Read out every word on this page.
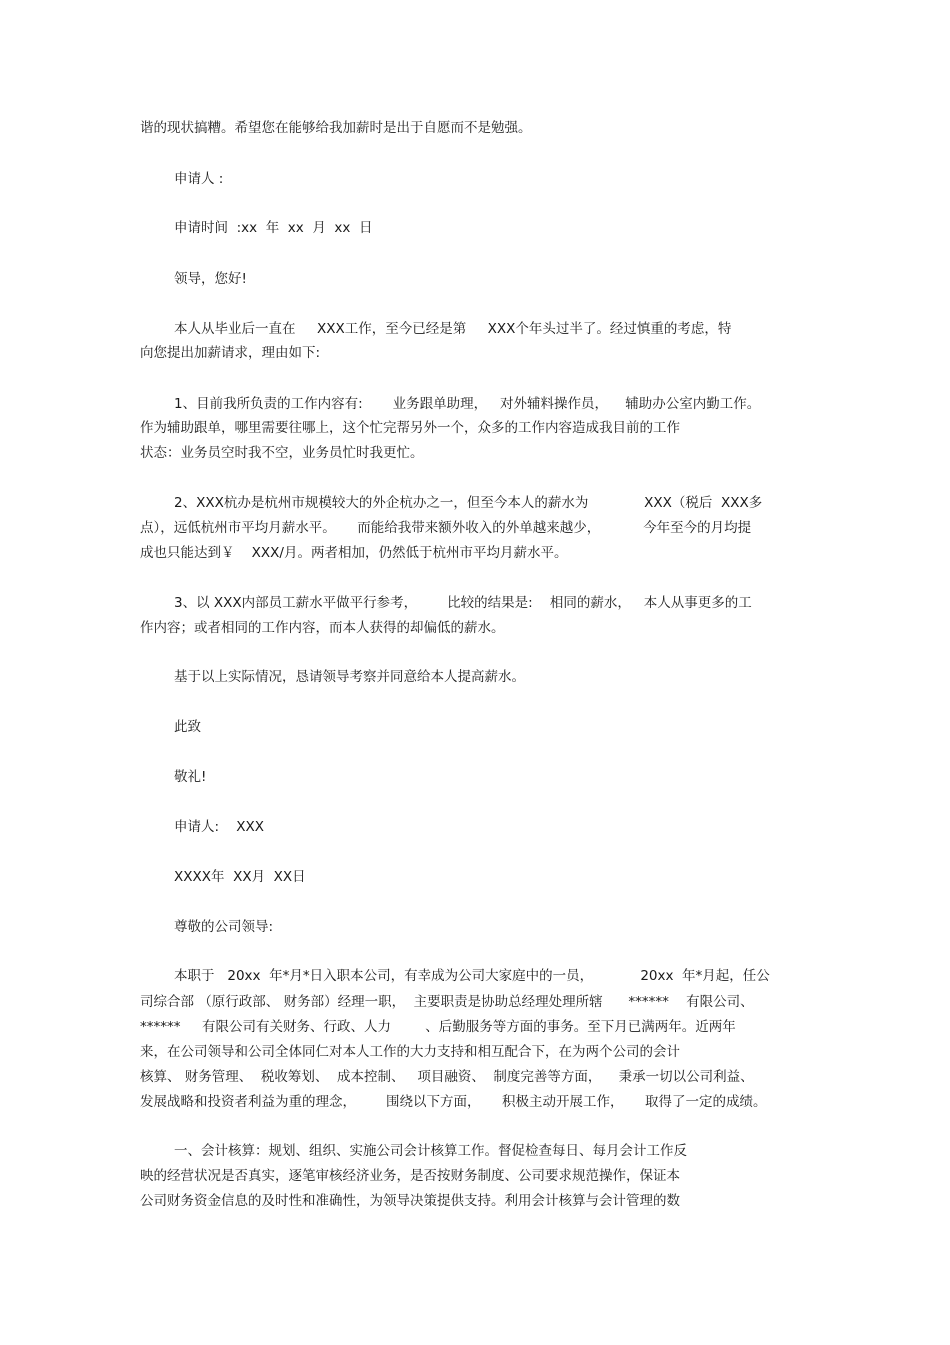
谐的现状搞糟。希望您在能够给我加薪时是出于自愿而不是勉强。
申请人 :
申请时间  :xx  年  xx  月  xx  日
领导，您好!
本人从毕业后一直在     XXX工作，至今已经是第     XXX个年头过半了。经过慎重的考虑，特
向您提出加薪请求，理由如下:
1、目前我所负责的工作内容有:       业务跟单助理，   对外辅料操作员，    辅助办公室内勤工作。
作为辅助跟单，哪里需要往哪上，这个忙完帮另外一个，众多的工作内容造成我目前的工作
状态：业务员空时我不空，业务员忙时我更忙。
2、XXX杭办是杭州市规模较大的外企杭办之一，但至今本人的薪水为             XXX（税后  XXX多
点），远低杭州市平均月薪水平。     而能给我带来额外收入的外单越来越少，          今年至今的月均提
成也只能达到￥    XXX/月。两者相加，仍然低于杭州市平均月薪水平。
3、以 XXX内部员工薪水平做平行参考，       比较的结果是:    相同的薪水，   本人从事更多的工
作内容；或者相同的工作内容，而本人获得的却偏低的薪水。
基于以上实际情况，恳请领导考察并同意给本人提高薪水。
此致
敬礼!
申请人:    XXX
XXXX年  XX月  XX日
尊敬的公司领导:
本职于   20xx  年*月*日入职本公司，有幸成为公司大家庭中的一员，           20xx  年*月起，任公
司综合部 （原行政部、 财务部）经理一职，  主要职责是协助总经理处理所辖      ******    有限公司、
******     有限公司有关财务、行政、人力        、后勤服务等方面的事务。至下月已满两年。近两年
来，在公司领导和公司全体同仁对本人工作的大力支持和相互配合下，在为两个公司的会计
核算、 财务管理、  税收筹划、  成本控制、   项目融资、  制度完善等方面，    秉承一切以公司利益、
发展战略和投资者利益为重的理念，       围绕以下方面，     积极主动开展工作，     取得了一定的成绩。
一、会计核算：规划、组织、实施公司会计核算工作。督促检查每日、每月会计工作反
映的经营状况是否真实，逐笔审核经济业务，是否按财务制度、公司要求规范操作，保证本
公司财务资金信息的及时性和准确性，为领导决策提供支持。利用会计核算与会计管理的数
